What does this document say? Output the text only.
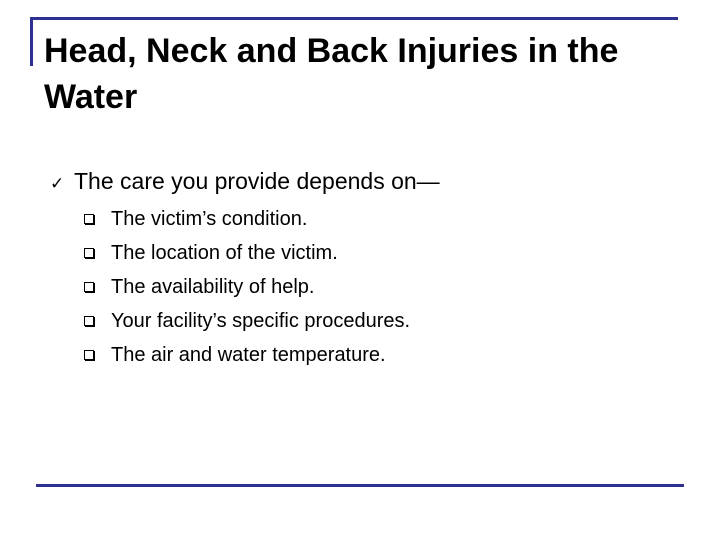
Head, Neck and Back Injuries in the Water
✓ The care you provide depends on—
The victim’s condition.
The location of the victim.
The availability of help.
Your facility’s specific procedures.
The air and water temperature.
